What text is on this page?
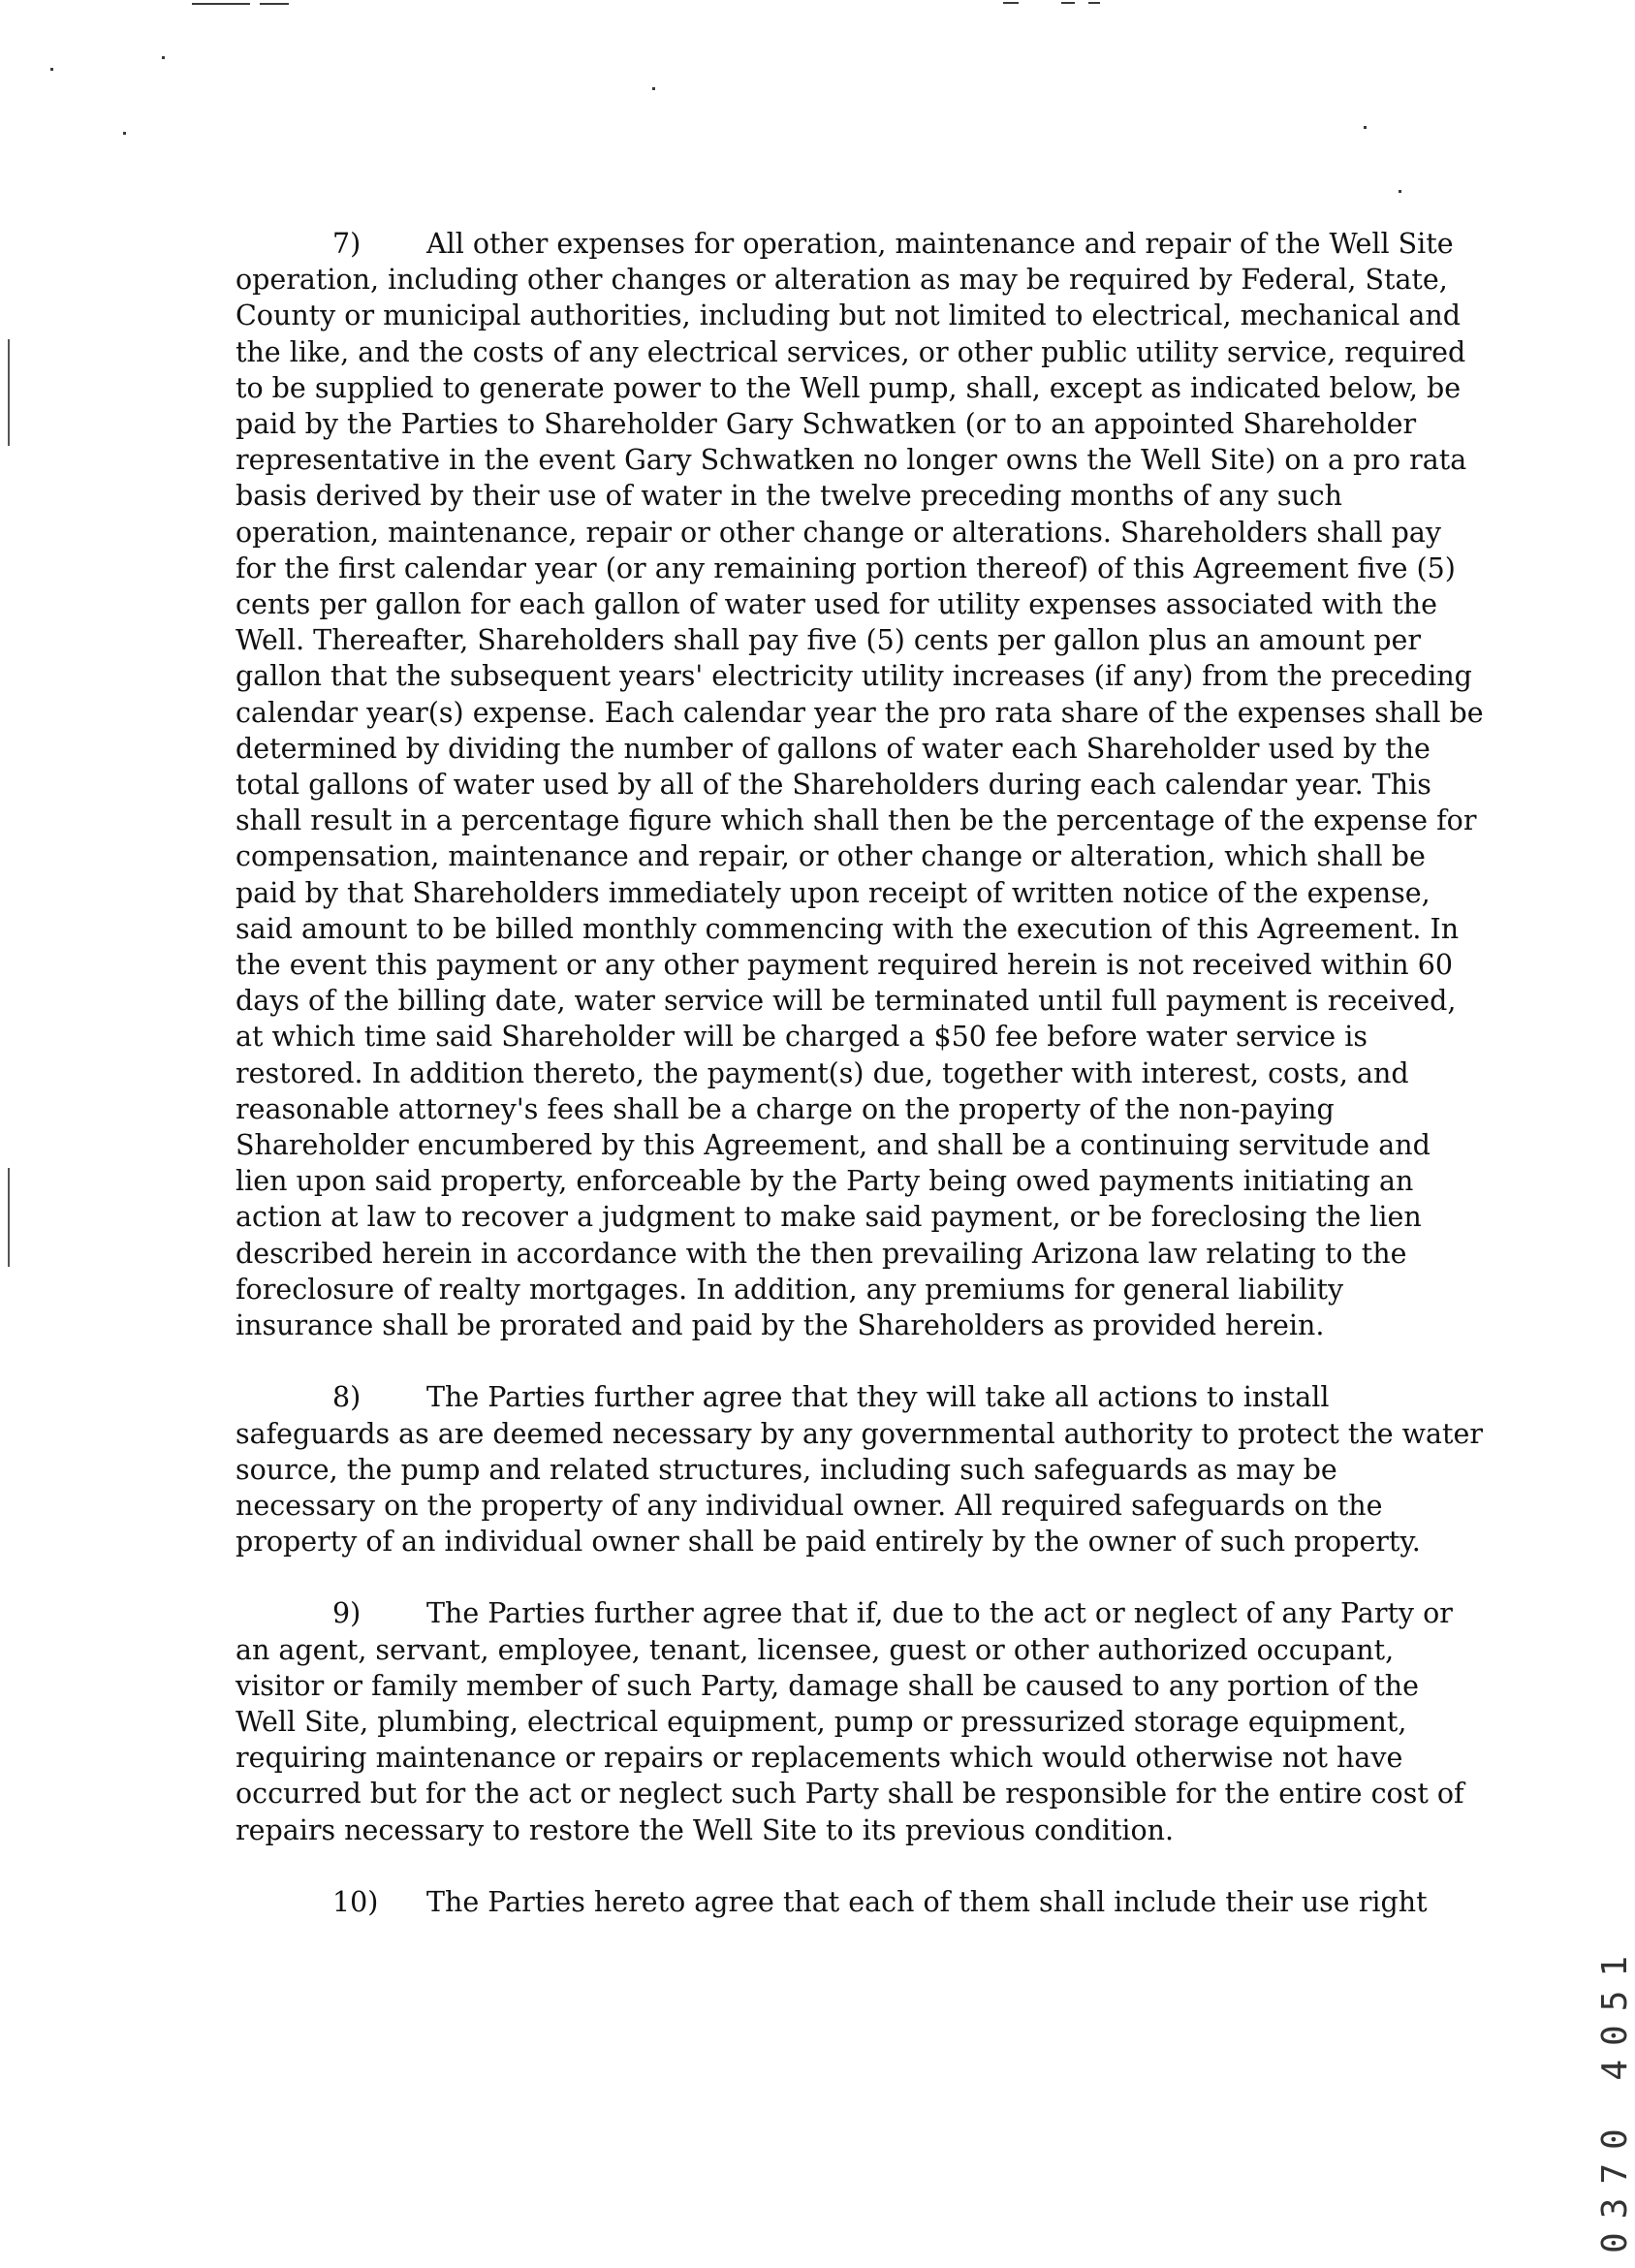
7) All other expenses for operation, maintenance and repair of the Well Site
operation, including other changes or alteration as may be required by Federal, State,
County or municipal authorities, including but not limited to electrical, mechanical and
the like, and the costs of any electrical services, or other public utility service, required
to be supplied to generate power to the Well pump, shall, except as indicated below, be
paid by the Parties to Shareholder Gary Schwatken (or to an appointed Shareholder
representative in the event Gary Schwatken no longer owns the Well Site) on a pro rata
basis derived by their use of water in the twelve preceding months of any such
operation, maintenance, repair or other change or alterations. Shareholders shall pay
for the first calendar year (or any remaining portion thereof) of this Agreement five (5)
cents per gallon for each gallon of water used for utility expenses associated with the
Well. Thereafter, Shareholders shall pay five (5) cents per gallon plus an amount per
gallon that the subsequent years' electricity utility increases (if any) from the preceding
calendar year(s) expense. Each calendar year the pro rata share of the expenses shall be
determined by dividing the number of gallons of water each Shareholder used by the
total gallons of water used by all of the Shareholders during each calendar year. This
shall result in a percentage figure which shall then be the percentage of the expense for
compensation, maintenance and repair, or other change or alteration, which shall be
paid by that Shareholders immediately upon receipt of written notice of the expense,
said amount to be billed monthly commencing with the execution of this Agreement. In
the event this payment or any other payment required herein is not received within 60
days of the billing date, water service will be terminated until full payment is received,
at which time said Shareholder will be charged a $50 fee before water service is
restored. In addition thereto, the payment(s) due, together with interest, costs, and
reasonable attorney's fees shall be a charge on the property of the non-paying
Shareholder encumbered by this Agreement, and shall be a continuing servitude and
lien upon said property, enforceable by the Party being owed payments initiating an
action at law to recover a judgment to make said payment, or be foreclosing the lien
described herein in accordance with the then prevailing Arizona law relating to the
foreclosure of realty mortgages. In addition, any premiums for general liability
insurance shall be prorated and paid by the Shareholders as provided herein.
8) The Parties further agree that they will take all actions to install
safeguards as are deemed necessary by any governmental authority to protect the water
source, the pump and related structures, including such safeguards as may be
necessary on the property of any individual owner. All required safeguards on the
property of an individual owner shall be paid entirely by the owner of such property.
9) The Parties further agree that if, due to the act or neglect of any Party or
an agent, servant, employee, tenant, licensee, guest or other authorized occupant,
visitor or family member of such Party, damage shall be caused to any portion of the
Well Site, plumbing, electrical equipment, pump or pressurized storage equipment,
requiring maintenance or repairs or replacements which would otherwise not have
occurred but for the act or neglect such Party shall be responsible for the entire cost of
repairs necessary to restore the Well Site to its previous condition.
10) The Parties hereto agree that each of them shall include their use right
0370 4051
